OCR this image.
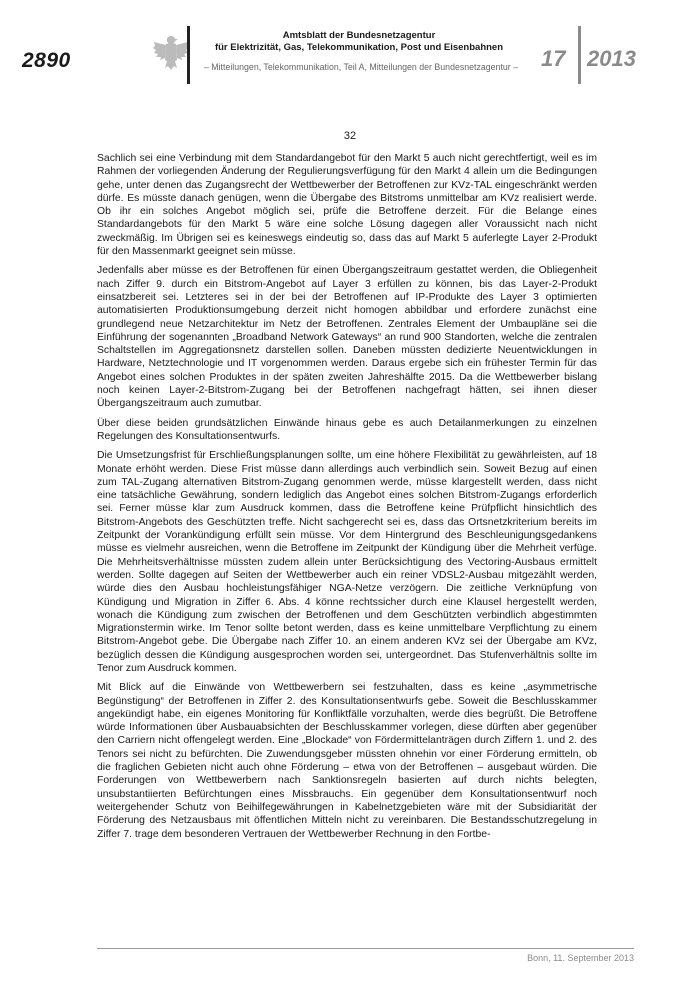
2890
Amtsblatt der Bundesnetzagentur
für Elektrizität, Gas, Telekommunikation, Post und Eisenbahnen
– Mitteilungen, Telekommunikation, Teil A, Mitteilungen der Bundesnetzagentur –	17 2013
32

Sachlich sei eine Verbindung mit dem Standardangebot für den Markt 5 auch nicht gerechtfertigt, weil es im Rahmen der vorliegenden Änderung der Regulierungsverfügung für den Markt 4 allein um die Bedingungen gehe, unter denen das Zugangsrecht der Wettbewerber der Betroffenen zur KVz-TAL eingeschränkt werden dürfe. Es müsste danach genügen, wenn die Übergabe des Bitstroms unmittelbar am KVz realisiert werde. Ob ihr ein solches Angebot möglich sei, prüfe die Betroffene derzeit. Für die Belange eines Standardangebots für den Markt 5 wäre eine solche Lösung dagegen aller Voraussicht nach nicht zweckmäßig. Im Übrigen sei es keineswegs eindeutig so, dass das auf Markt 5 auferlegte Layer 2-Produkt für den Massenmarkt geeignet sein müsse.

Jedenfalls aber müsse es der Betroffenen für einen Übergangszeitraum gestattet werden, die Obliegenheit nach Ziffer 9. durch ein Bitstrom-Angebot auf Layer 3 erfüllen zu können, bis das Layer-2-Produkt einsatzbereit sei. Letzteres sei in der bei der Betroffenen auf IP-Produkte des Layer 3 optimierten automatisierten Produktionsumgebung derzeit nicht homogen abbildbar und erfordere zunächst eine grundlegend neue Netzarchitektur im Netz der Betroffenen. Zentrales Element der Umbaupläne sei die Einführung der sogenannten „Broadband Network Gateways“ an rund 900 Standorten, welche die zentralen Schaltstellen im Aggregationsnetz darstellen sollen. Daneben müssten dedizierte Neuentwicklungen in Hardware, Netztechnologie und IT vorgenommen werden. Daraus ergebe sich ein frühester Termin für das Angebot eines solchen Produktes in der späten zweiten Jahreshälfte 2015. Da die Wettbewerber bislang noch keinen Layer-2-Bitstrom-Zugang bei der Betroffenen nachgefragt hätten, sei ihnen dieser Übergangszeitraum auch zumutbar.

Über diese beiden grundsätzlichen Einwände hinaus gebe es auch Detailanmerkungen zu einzelnen Regelungen des Konsultationsentwurfs.

Die Umsetzungsfrist für Erschließungsplanungen sollte, um eine höhere Flexibilität zu gewährleisten, auf 18 Monate erhöht werden. Diese Frist müsse dann allerdings auch verbindlich sein. Soweit Bezug auf einen zum TAL-Zugang alternativen Bitstrom-Zugang genommen werde, müsse klargestellt werden, dass nicht eine tatsächliche Gewährung, sondern lediglich das Angebot eines solchen Bitstrom-Zugangs erforderlich sei. Ferner müsse klar zum Ausdruck kommen, dass die Betroffene keine Prüfpflicht hinsichtlich des Bitstrom-Angebots des Geschützten treffe. Nicht sachgerecht sei es, dass das Ortsnetzkriterium bereits im Zeitpunkt der Vorankündigung erfüllt sein müsse. Vor dem Hintergrund des Beschleunigungsgedankens müsse es vielmehr ausreichen, wenn die Betroffene im Zeitpunkt der Kündigung über die Mehrheit verfüge. Die Mehrheitsverhältnisse müssten zudem allein unter Berücksichtigung des Vectoring-Ausbaus ermittelt werden. Sollte dagegen auf Seiten der Wettbewerber auch ein reiner VDSL2-Ausbau mitgezählt werden, würde dies den Ausbau hochleistungsfähiger NGA-Netze verzögern. Die zeitliche Verknüpfung von Kündigung und Migration in Ziffer 6. Abs. 4 könne rechtssicher durch eine Klausel hergestellt werden, wonach die Kündigung zum zwischen der Betroffenen und dem Geschützten verbindlich abgestimmten Migrationstermin wirke. Im Tenor sollte betont werden, dass es keine unmittelbare Verpflichtung zu einem Bitstrom-Angebot gebe. Die Übergabe nach Ziffer 10. an einem anderen KVz sei der Übergabe am KVz, bezüglich dessen die Kündigung ausgesprochen worden sei, untergeordnet. Das Stufenverhältnis sollte im Tenor zum Ausdruck kommen.

Mit Blick auf die Einwände von Wettbewerbern sei festzuhalten, dass es keine „asymmetrische Begünstigung“ der Betroffenen in Ziffer 2. des Konsultationsentwurfs gebe. Soweit die Beschlusskammer angekündigt habe, ein eigenes Monitoring für Konfliktfälle vorzuhalten, werde dies begrüßt. Die Betroffene würde Informationen über Ausbauabsichten der Beschlusskammer vorlegen, diese dürften aber gegenüber den Carriern nicht offengelegt werden. Eine „Blockade“ von Fördermittelanträgen durch Ziffern 1. und 2. des Tenors sei nicht zu befürchten. Die Zuwendungsgeber müssten ohnehin vor einer Förderung ermitteln, ob die fraglichen Gebieten nicht auch ohne Förderung – etwa von der Betroffenen – ausgebaut würden. Die Forderungen von Wettbewerbern nach Sanktionsregeln basierten auf durch nichts belegten, unsubstantiierten Befürchtungen eines Missbrauchs. Ein gegenüber dem Konsultationsentwurf noch weitergehender Schutz von Beihilfegewährungen in Kabelnetzgebieten wäre mit der Subsidiarität der Förderung des Netzausbaus mit öffentlichen Mitteln nicht zu vereinbaren. Die Bestandsschutzregelung in Ziffer 7. trage dem besonderen Vertrauen der Wettbewerber Rechnung in den Fortbe-

Bonn, 11. September 2013
